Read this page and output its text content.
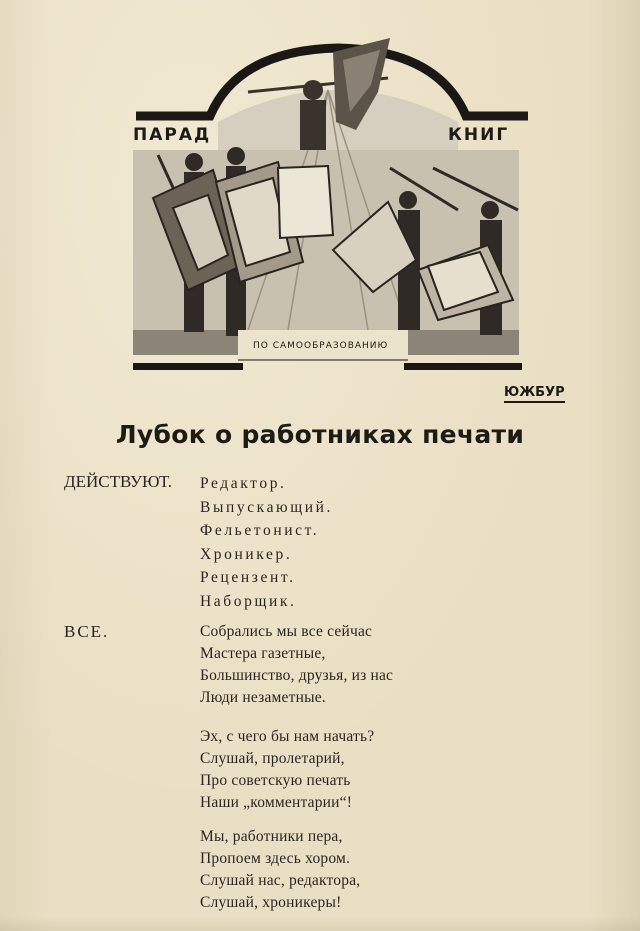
ПАРАД	КНИГ
ПО САМООБРАЗОВАНИЮ
ЮЖБУР
Лубок о работниках печати
ДЕЙСТВУЮТ. Редактор.
Выпускающий.
Фельетонист.
Хроникер.
Рецензент.
Наборщик.
ВСЕ.	Собрались мы все сейчас
Мастера газетные,
Большинство, друзья, из нас
Люди незаметные.
Эх, с чего бы нам начать?
Слушай, пролетарий,
Про советскую печать
Наши „комментарии“!
Мы, работники пера,
Пропоем здесь хором.
Слушай нас, редактора,
Слушай, хроникеры!
